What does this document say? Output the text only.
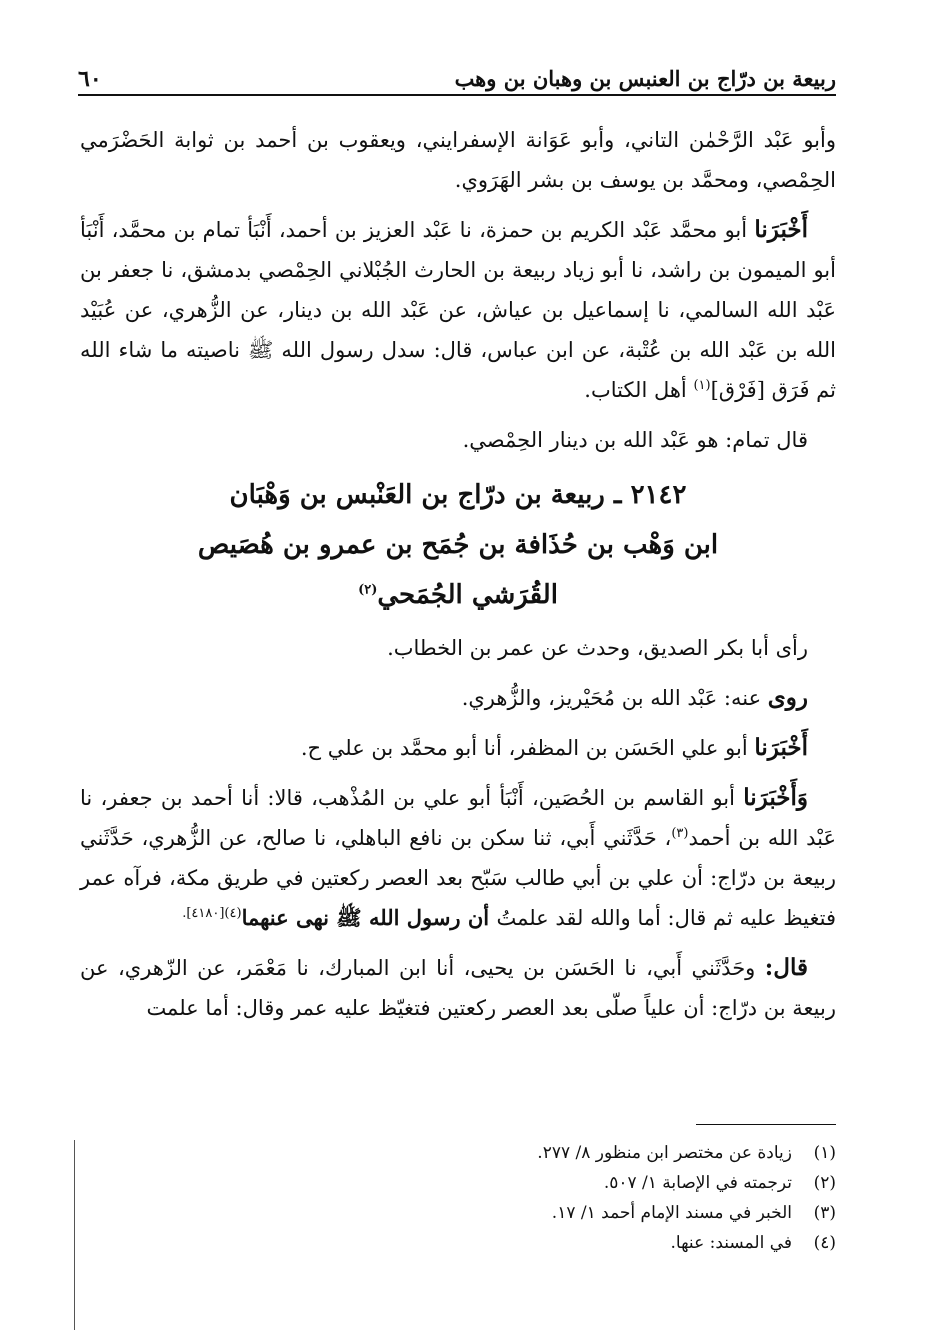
ربيعة بن درّاج بن العنبس بن وهبان بن وهب
٦٠

وأبو عَبْد الرَّحْمٰن التاني، وأبو عَوَانة الإسفرايني، ويعقوب بن أحمد بن ثوابة الحَضْرَمي الحِمْصي، ومحمَّد بن يوسف بن بشر الهَرَوي.

أَخْبَرَنا أبو محمَّد عَبْد الكريم بن حمزة، نا عَبْد العزيز بن أحمد، أَنْبَأ تمام بن محمَّد، أَنْبَأ أبو الميمون بن راشد، نا أبو زياد ربيعة بن الحارث الجُبْلاني الحِمْصي بدمشق، نا جعفر بن عَبْد الله السالمي، نا إسماعيل بن عياش، عن عَبْد الله بن دينار، عن الزُّهري، عن عُبَيْد الله بن عَبْد الله بن عُتْبة، عن ابن عباس، قال: سدل رسول الله ﷺ ناصيته ما شاء الله ثم فَرَق [فَرْق]$^{(١)}$ أهل الكتاب.

قال تمام: هو عَبْد الله بن دينار الحِمْصي.

٢١٤٢ ـ ربيعة بن درّاج بن العَنْبس بن وَهْبَان
ابن وَهْب بن حُذَافة بن جُمَح بن عمرو بن هُصَيص
القُرَشي الجُمَحي$^{(٢)}$

رأى أبا بكر الصديق، وحدث عن عمر بن الخطاب.

روى عنه: عَبْد الله بن مُحَيْريز، والزُّهري.

أَخْبَرَنا أبو علي الحَسَن بن المظفر، أنا أبو محمَّد بن علي ح.

وَأَخْبَرَنا أبو القاسم بن الحُصَين، أَنْبَأ أبو علي بن المُذْهب، قالا: أنا أحمد بن جعفر، نا عَبْد الله بن أحمد$^{(٣)}$، حَدَّثَني أَبي، ثنا سكن بن نافع الباهلي، نا صالح، عن الزُّهري، حَدَّثَني ربيعة بن درّاج: أن علي بن أبي طالب سَبّح بعد العصر ركعتين في طريق مكة، فرآه عمر فتغيظ عليه ثم قال: أما والله لقد علمتُ أن رسول الله ﷺ نهى عنهما$^{(٤)[٤١٨٠].}$

قال: وحَدَّثَني أَبي، نا الحَسَن بن يحيى، أنا ابن المبارك، نا مَعْمَر، عن الزّهري، عن ربيعة بن درّاج: أن علياً صلّى بعد العصر ركعتين فتغيّظ عليه عمر وقال: أما علمت

(١)
زيادة عن مختصر ابن منظور ٨/ ٢٧٧.
(٢)
ترجمته في الإصابة ١/ ٥٠٧.
(٣)
الخبر في مسند الإمام أحمد ١/ ١٧.
(٤)
في المسند: عنها.
